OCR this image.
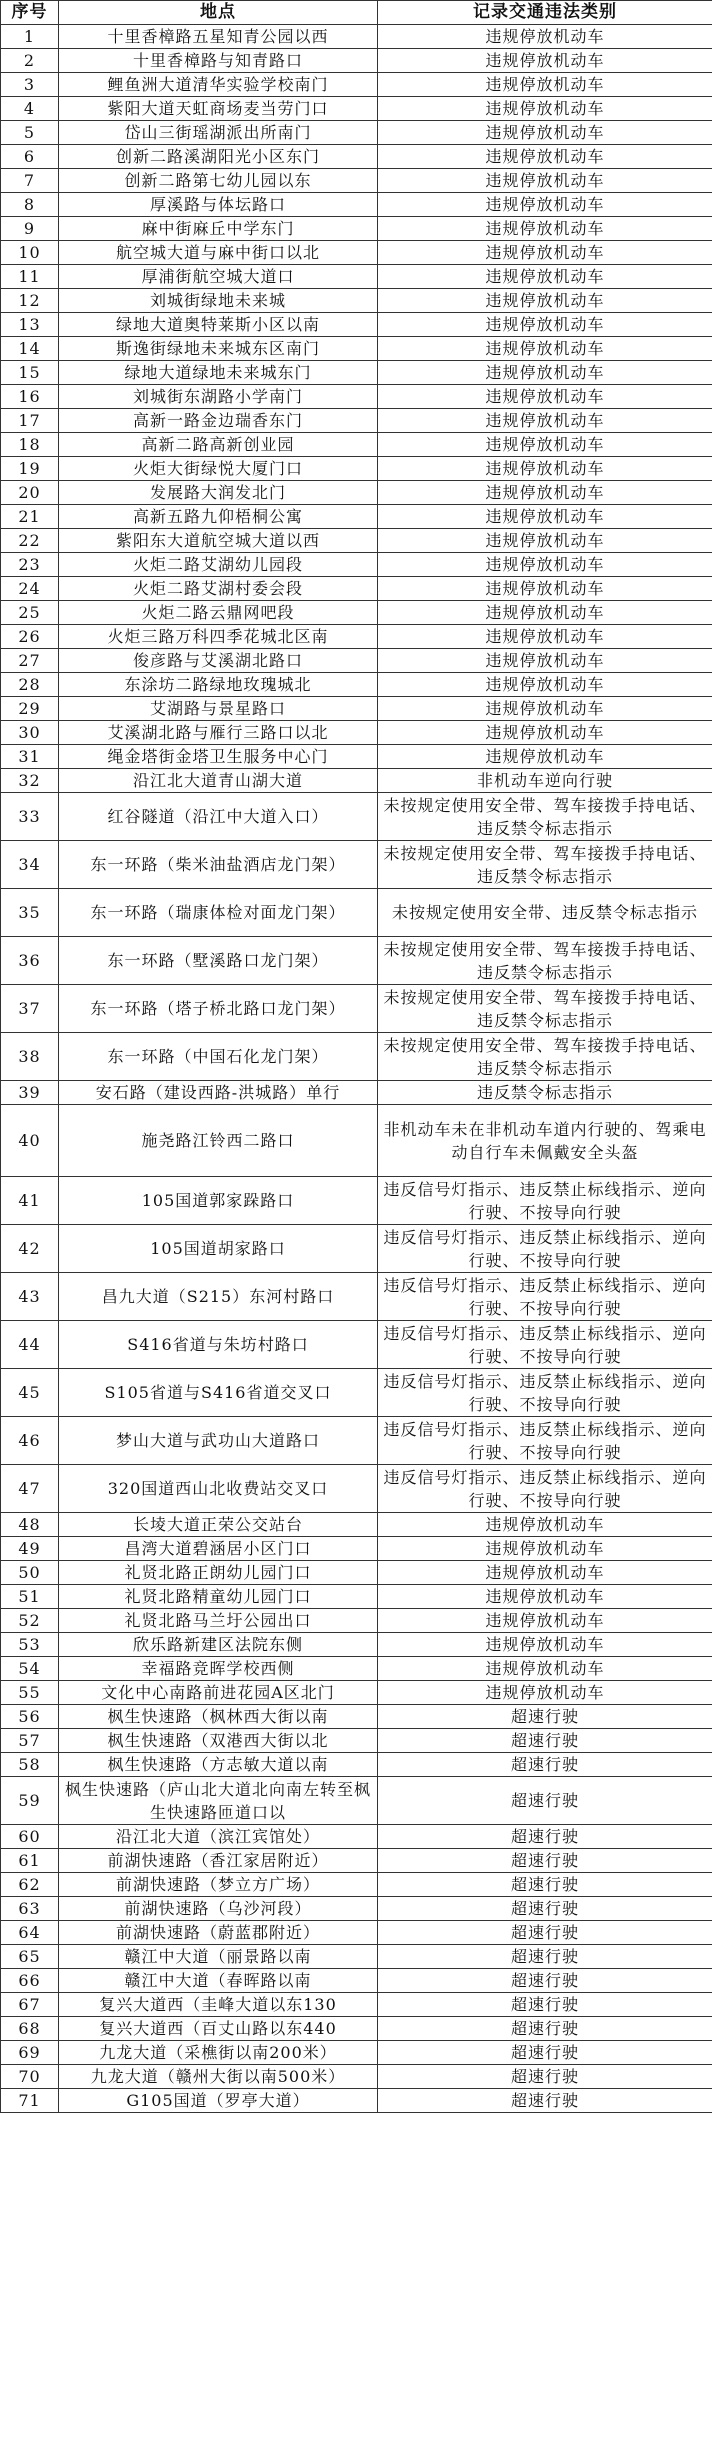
序号	地点	记录交通违法类别
1	十里香樟路五星知青公园以西	违规停放机动车
2	十里香樟路与知青路口	违规停放机动车
3	鲤鱼洲大道清华实验学校南门	违规停放机动车
4	紫阳大道天虹商场麦当劳门口	违规停放机动车
5	岱山三街瑶湖派出所南门	违规停放机动车
6	创新二路溪湖阳光小区东门	违规停放机动车
7	创新二路第七幼儿园以东	违规停放机动车
8	厚溪路与体坛路口	违规停放机动车
9	麻中街麻丘中学东门	违规停放机动车
10	航空城大道与麻中街口以北	违规停放机动车
11	厚浦街航空城大道口	违规停放机动车
12	刘城街绿地未来城	违规停放机动车
13	绿地大道奥特莱斯小区以南	违规停放机动车
14	斯逸街绿地未来城东区南门	违规停放机动车
15	绿地大道绿地未来城东门	违规停放机动车
16	刘城街东湖路小学南门	违规停放机动车
17	高新一路金边瑞香东门	违规停放机动车
18	高新二路高新创业园	违规停放机动车
19	火炬大街绿悦大厦门口	违规停放机动车
20	发展路大润发北门	违规停放机动车
21	高新五路九仰梧桐公寓	违规停放机动车
22	紫阳东大道航空城大道以西	违规停放机动车
23	火炬二路艾湖幼儿园段	违规停放机动车
24	火炬二路艾湖村委会段	违规停放机动车
25	火炬二路云鼎网吧段	违规停放机动车
26	火炬三路万科四季花城北区南	违规停放机动车
27	俊彦路与艾溪湖北路口	违规停放机动车
28	东涂坊二路绿地玫瑰城北	违规停放机动车
29	艾湖路与景星路口	违规停放机动车
30	艾溪湖北路与雁行三路口以北	违规停放机动车
31	绳金塔街金塔卫生服务中心门	违规停放机动车
32	沿江北大道青山湖大道	非机动车逆向行驶
33	红谷隧道（沿江中大道入口）	未按规定使用安全带、驾车接拨手持电话、违反禁令标志指示
34	东一环路（柴米油盐酒店龙门架）	未按规定使用安全带、驾车接拨手持电话、违反禁令标志指示
35	东一环路（瑞康体检对面龙门架）	未按规定使用安全带、违反禁令标志指示
36	东一环路（墅溪路口龙门架）	未按规定使用安全带、驾车接拨手持电话、违反禁令标志指示
37	东一环路（塔子桥北路口龙门架）	未按规定使用安全带、驾车接拨手持电话、违反禁令标志指示
38	东一环路（中国石化龙门架）	未按规定使用安全带、驾车接拨手持电话、违反禁令标志指示
39	安石路（建设西路-洪城路）单行	违反禁令标志指示
40	施尧路江铃西二路口	非机动车未在非机动车道内行驶的、驾乘电动自行车未佩戴安全头盔
41	105国道郭家跺路口	违反信号灯指示、违反禁止标线指示、逆向行驶、不按导向行驶
42	105国道胡家路口	违反信号灯指示、违反禁止标线指示、逆向行驶、不按导向行驶
43	昌九大道（S215）东河村路口	违反信号灯指示、违反禁止标线指示、逆向行驶、不按导向行驶
44	S416省道与朱坊村路口	违反信号灯指示、违反禁止标线指示、逆向行驶、不按导向行驶
45	S105省道与S416省道交叉口	违反信号灯指示、违反禁止标线指示、逆向行驶、不按导向行驶
46	梦山大道与武功山大道路口	违反信号灯指示、违反禁止标线指示、逆向行驶、不按导向行驶
47	320国道西山北收费站交叉口	违反信号灯指示、违反禁止标线指示、逆向行驶、不按导向行驶
48	长堎大道正荣公交站台	违规停放机动车
49	昌湾大道碧涵居小区门口	违规停放机动车
50	礼贤北路正朗幼儿园门口	违规停放机动车
51	礼贤北路精童幼儿园门口	违规停放机动车
52	礼贤北路马兰圩公园出口	违规停放机动车
53	欣乐路新建区法院东侧	违规停放机动车
54	幸福路竞晖学校西侧	违规停放机动车
55	文化中心南路前进花园A区北门	违规停放机动车
56	枫生快速路（枫林西大街以南	超速行驶
57	枫生快速路（双港西大街以北	超速行驶
58	枫生快速路（方志敏大道以南	超速行驶
59	枫生快速路（庐山北大道北向南左转至枫生快速路匝道口以	超速行驶
60	沿江北大道（滨江宾馆处）	超速行驶
61	前湖快速路（香江家居附近）	超速行驶
62	前湖快速路（梦立方广场）	超速行驶
63	前湖快速路（乌沙河段）	超速行驶
64	前湖快速路（蔚蓝郡附近）	超速行驶
65	赣江中大道（丽景路以南	超速行驶
66	赣江中大道（春晖路以南	超速行驶
67	复兴大道西（圭峰大道以东130	超速行驶
68	复兴大道西（百丈山路以东440	超速行驶
69	九龙大道（采樵街以南200米）	超速行驶
70	九龙大道（赣州大街以南500米）	超速行驶
71	G105国道（罗亭大道）	超速行驶
